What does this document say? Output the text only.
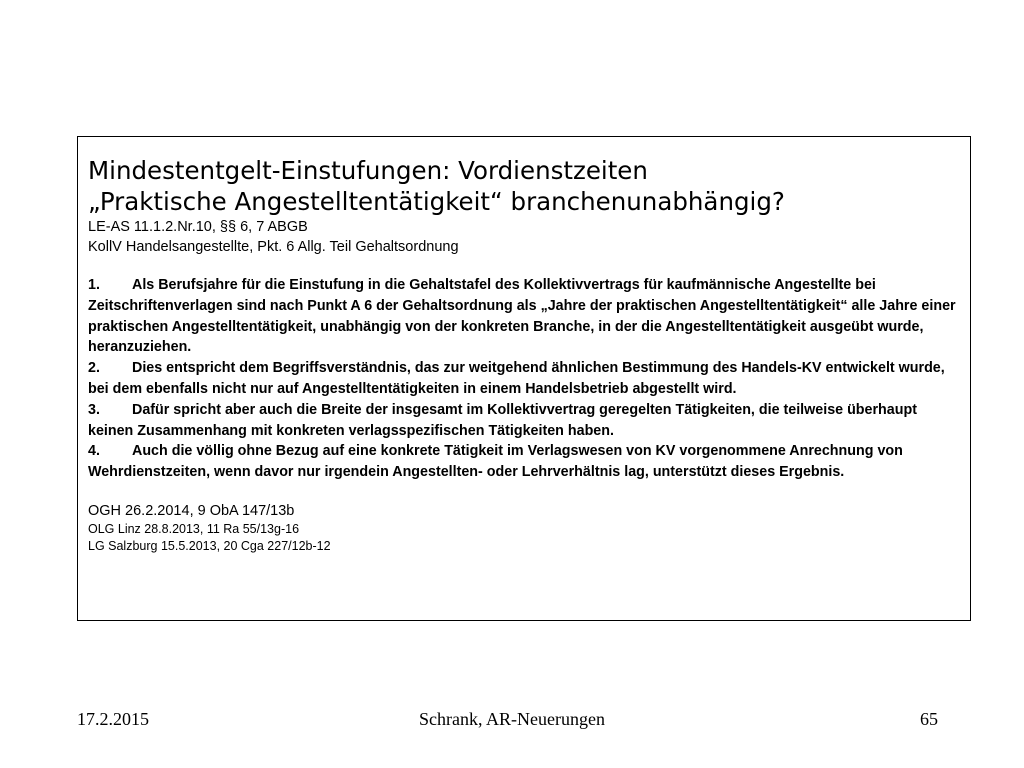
Mindestentgelt-Einstufungen: Vordienstzeiten
„Praktische Angestelltentätigkeit“ branchenunabhängig?
LE-AS 11.1.2.Nr.10, §§ 6, 7 ABGB
KollV Handelsangestellte, Pkt. 6 Allg. Teil Gehaltsordnung
1. Als Berufsjahre für die Einstufung in die Gehaltstafel des Kollektivvertrags für kaufmännische Angestellte bei Zeitschriftenverlagen sind nach Punkt A 6 der Gehaltsordnung als „Jahre der praktischen Angestelltentätigkeit“ alle Jahre einer praktischen Angestelltentätigkeit, unabhängig von der konkreten Branche, in der die Angestelltentätigkeit ausgeübt wurde, heranzuziehen.
2. Dies entspricht dem Begriffsverständnis, das zur weitgehend ähnlichen Bestimmung des Handels-KV entwickelt wurde, bei dem ebenfalls nicht nur auf Angestelltentätigkeiten in einem Handelsbetrieb abgestellt wird.
3. Dafür spricht aber auch die Breite der insgesamt im Kollektivvertrag geregelten Tätigkeiten, die teilweise überhaupt keinen Zusammenhang mit konkreten verlagsspezifischen Tätigkeiten haben.
4. Auch die völlig ohne Bezug auf eine konkrete Tätigkeit im Verlagswesen von KV vorgenommene Anrechnung von Wehrdienstzeiten, wenn davor nur irgendein Angestellten- oder Lehrverhältnis lag, unterstützt dieses Ergebnis.
OGH 26.2.2014, 9 ObA 147/13b
OLG Linz 28.8.2013, 11 Ra 55/13g-16
LG Salzburg 15.5.2013, 20 Cga 227/12b-12
17.2.2015	Schrank, AR-Neuerungen	65
